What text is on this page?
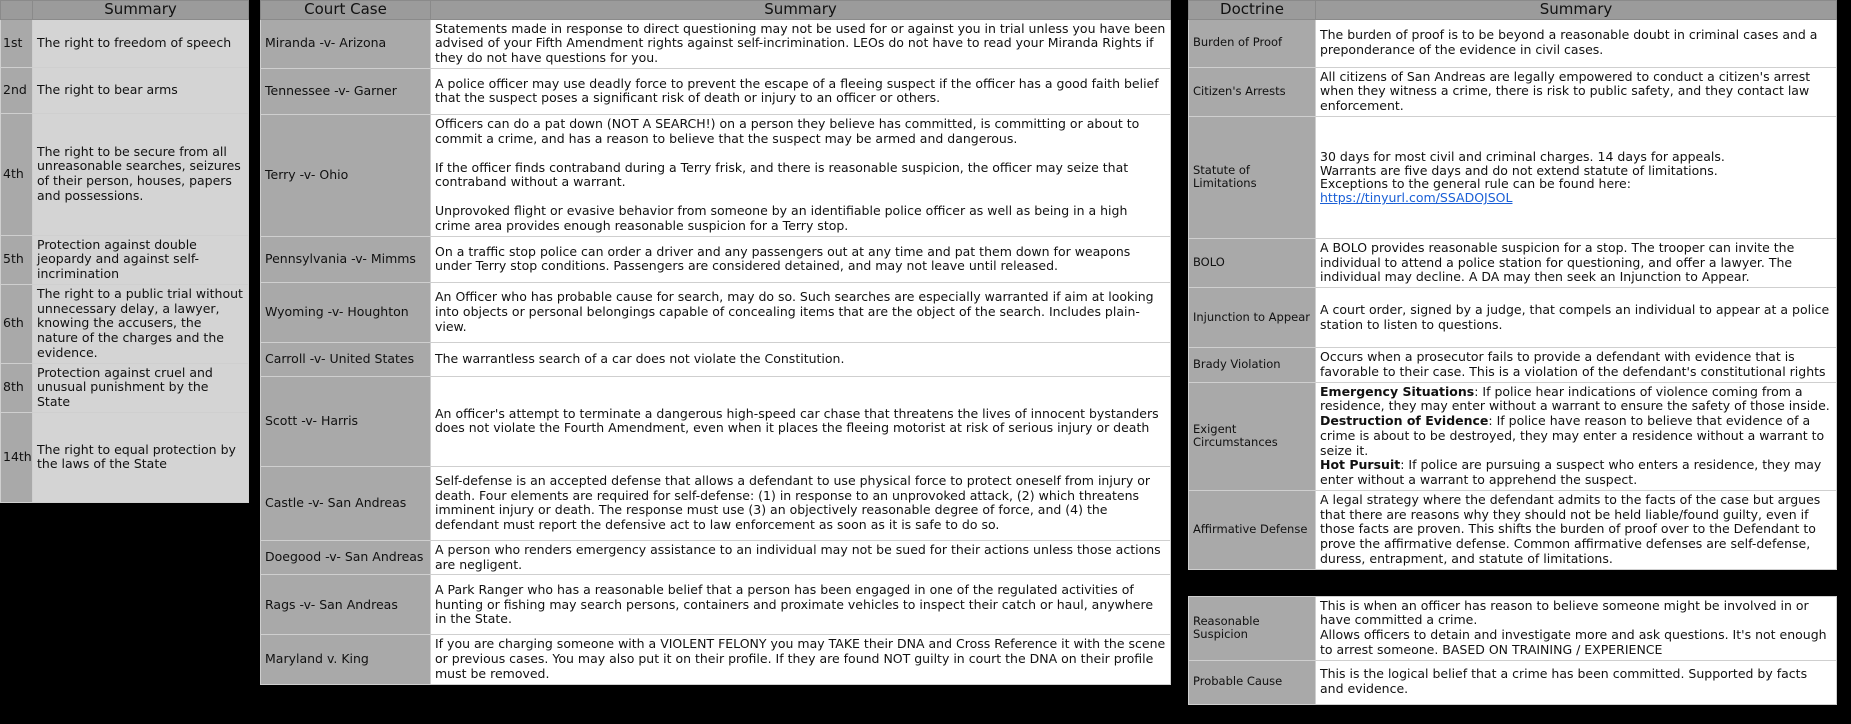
	Summary
1st	The right to freedom of speech
2nd	The right to bear arms
4th	The right to be secure from all unreasonable searches, seizures of their person, houses, papers and possessions.
5th	Protection against double jeopardy and against self-incrimination
6th	The right to a public trial without unnecessary delay, a lawyer, knowing the accusers, the nature of the charges and the evidence.
8th	Protection against cruel and unusual punishment by the State
14th	The right to equal protection by the laws of the State
Court Case	Summary
Miranda -v- Arizona	Statements made in response to direct questioning may not be used for or against you in trial unless you have been advised of your Fifth Amendment rights against self-incrimination. LEOs do not have to read your Miranda Rights if they do not have questions for you.

Tennessee -v- Garner	A police officer may use deadly force to prevent the escape of a fleeing suspect if the officer has a good faith belief that the suspect poses a significant risk of death or injury to an officer or others.

Terry -v- Ohio	Officers can do a pat down (NOT A SEARCH!) on a person they believe has committed, is committing or about to commit a crime, and has a reason to believe that the suspect may be armed and dangerous.

If the officer finds contraband during a Terry frisk, and there is reasonable suspicion, the officer may seize that contraband without a warrant.

Unprovoked flight or evasive behavior from someone by an identifiable police officer as well as being in a high crime area provides enough reasonable suspicion for a Terry stop.

Pennsylvania -v- Mimms	On a traffic stop police can order a driver and any passengers out at any time and pat them down for weapons under Terry stop conditions. Passengers are considered detained, and may not leave until released.

Wyoming -v- Houghton	An Officer who has probable cause for search, may do so. Such searches are especially warranted if aim at looking into objects or personal belongings capable of concealing items that are the object of the search. Includes plain-view.

Carroll -v- United States	The warrantless search of a car does not violate the Constitution.

Scott -v- Harris	An officer's attempt to terminate a dangerous high-speed car chase that threatens the lives of innocent bystanders does not violate the Fourth Amendment, even when it places the fleeing motorist at risk of serious injury or death

Castle -v- San Andreas	Self-defense is an accepted defense that allows a defendant to use physical force to protect oneself from injury or death. Four elements are required for self-defense: (1) in response to an unprovoked attack, (2) which threatens imminent injury or death. The response must use (3) an objectively reasonable degree of force, and (4) the defendant must report the defensive act to law enforcement as soon as it is safe to do so.

Doegood -v- San Andreas	A person who renders emergency assistance to an individual may not be sued for their actions unless those actions are negligent.

Rags -v- San Andreas	A Park Ranger who has a reasonable belief that a person has been engaged in one of the regulated activities of hunting or fishing may search persons, containers and proximate vehicles to inspect their catch or haul, anywhere in the State.

Maryland v. King	If you are charging someone with a VIOLENT FELONY you may TAKE their DNA and Cross Reference it with the scene or previous cases. You may also put it on their profile. If they are found NOT guilty in court the DNA on their profile must be removed.

Doctrine	Summary
Burden of Proof	The burden of proof is to be beyond a reasonable doubt in criminal cases and a preponderance of the evidence in civil cases.
Citizen's Arrests	All citizens of San Andreas are legally empowered to conduct a citizen's arrest when they witness a crime, there is risk to public safety, and they contact law enforcement.
Statute of Limitations	30 days for most civil and criminal charges. 14 days for appeals.

Warrants are five days and do not extend statute of limitations.

Exceptions to the general rule can be found here:

https://tinyurl.com/SSADOJSOL
BOLO	A BOLO provides reasonable suspicion for a stop. The trooper can invite the individual to attend a police station for questioning, and offer a lawyer. The individual may decline. A DA may then seek an Injunction to Appear.
Injunction to Appear	A court order, signed by a judge, that compels an individual to appear at a police station to listen to questions.
Brady Violation	Occurs when a prosecutor fails to provide a defendant with evidence that is favorable to their case. This is a violation of the defendant's constitutional rights
Exigent Circumstances	Emergency Situations: If police hear indications of violence coming from a residence, they may enter without a warrant to ensure the safety of those inside.

Destruction of Evidence: If police have reason to believe that evidence of a crime is about to be destroyed, they may enter a residence without a warrant to seize it.

Hot Pursuit: If police are pursuing a suspect who enters a residence, they may enter without a warrant to apprehend the suspect.

Affirmative Defense	A legal strategy where the defendant admits to the facts of the case but argues that there are reasons why they should not be held liable/found guilty, even if those facts are proven. This shifts the burden of proof over to the Defendant to prove the affirmative defense. Common affirmative defenses are self-defense, duress, entrapment, and statute of limitations.

Reasonable Suspicion	This is when an officer has reason to believe someone might be involved in or have committed a crime.

Allows officers to detain and investigate more and ask questions. It's not enough to arrest someone. BASED ON TRAINING / EXPERIENCE

Probable Cause	This is the logical belief that a crime has been committed. Supported by facts and evidence.
